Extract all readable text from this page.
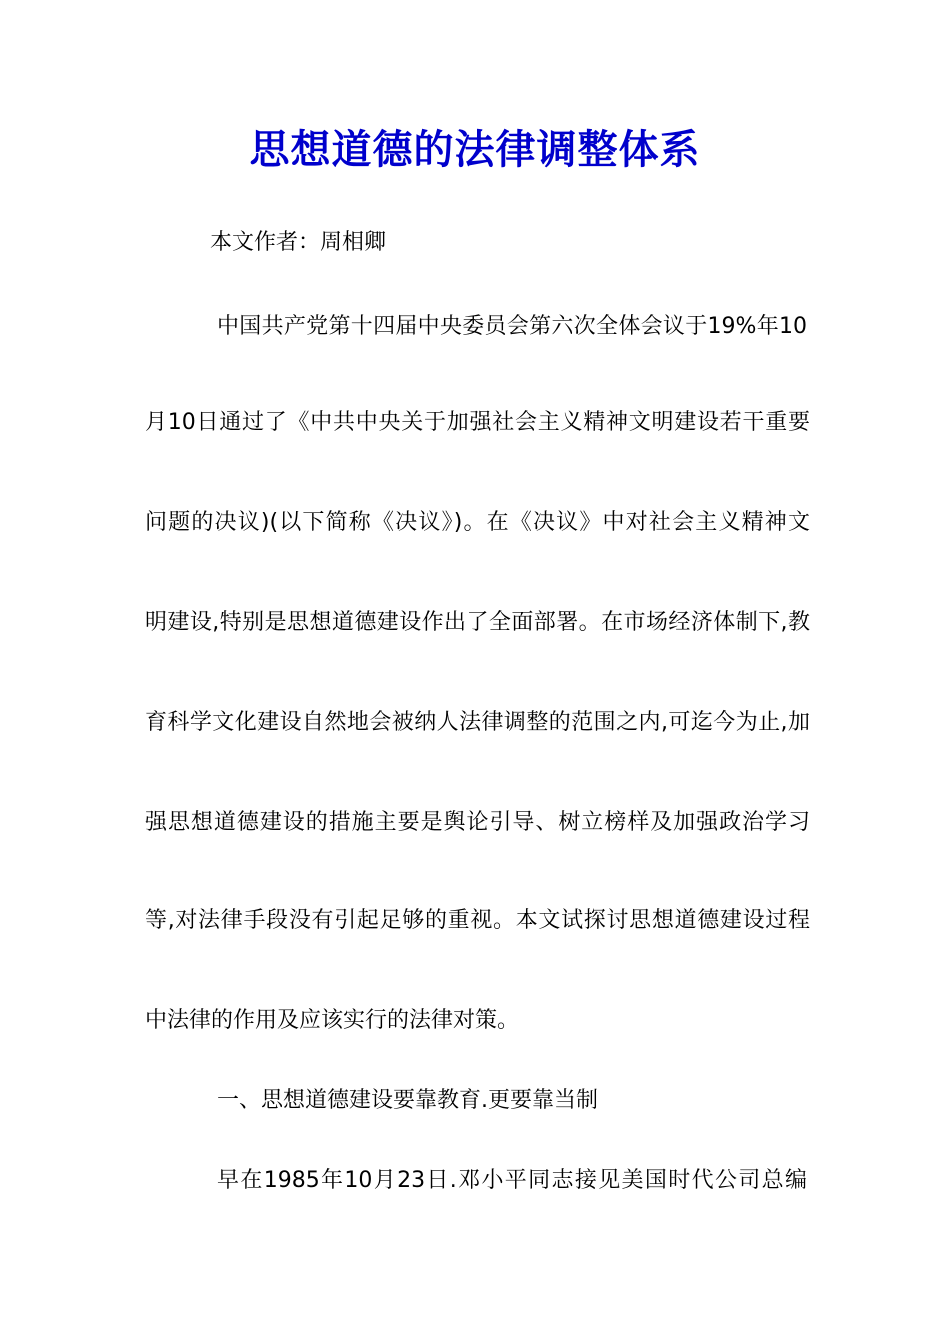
思想道德的法律调整体系

本文作者：周相卿

中国共产党第十四届中央委员会第六次全体会议于19%年10

月10日通过了《中共中央关于加强社会主义精神文明建设若干重要

问题的决议)(以下简称《决议》)。在《决议》中对社会主义精神文

明建设,特别是思想道德建设作出了全面部署。在市场经济体制下,教

育科学文化建设自然地会被纳人法律调整的范围之内,可迄今为止,加

强思想道德建设的措施主要是舆论引导、树立榜样及加强政治学习

等,对法律手段没有引起足够的重视。本文试探讨思想道德建设过程

中法律的作用及应该实行的法律对策。

一、思想道德建设要靠教育.更要靠当制

早在1985年10月23日.邓小平同志接见美国时代公司总编
